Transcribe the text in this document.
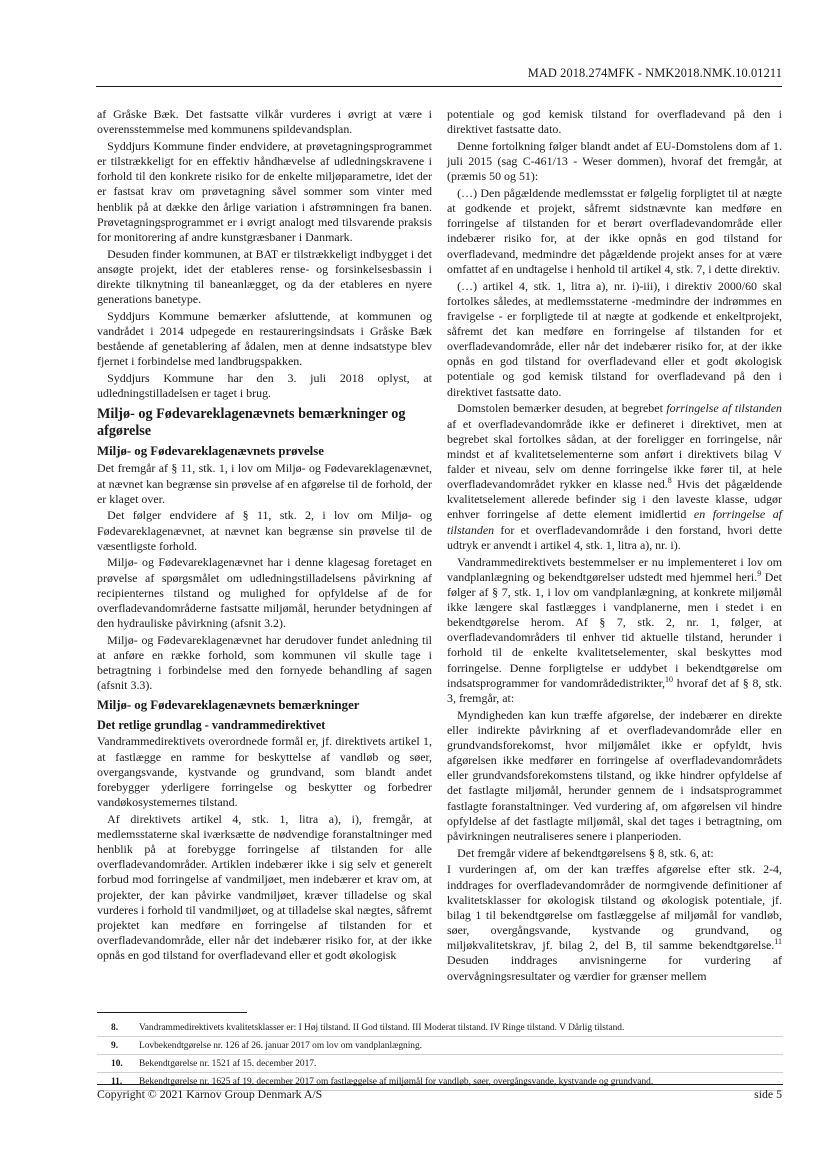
MAD 2018.274MFK - NMK2018.NMK.10.01211

af Gråske Bæk. Det fastsatte vilkår vurderes i øvrigt at være i overensstemmelse med kommunens spildevandsplan.

Syddjurs Kommune finder endvidere, at prøvetagningsprogrammet er tilstrækkeligt for en effektiv håndhævelse af udledningskravene i forhold til den konkrete risiko for de enkelte miljøparametre, idet der er fastsat krav om prøvetagning såvel sommer som vinter med henblik på at dække den årlige variation i afstrømningen fra banen. Prøvetagningsprogrammet er i øvrigt analogt med tilsvarende praksis for monitorering af andre kunstgræsbaner i Danmark.

Desuden finder kommunen, at BAT er tilstrækkeligt indbygget i det ansøgte projekt, idet der etableres rense- og forsinkelsesbassin i direkte tilknytning til baneanlægget, og da der etableres en nyere generations banetype.

Syddjurs Kommune bemærker afsluttende, at kommunen og vandrådet i 2014 udpegede en restaureringsindsats i Gråske Bæk bestående af genetablering af ådalen, men at denne indsatstype blev fjernet i forbindelse med landbrugspakken.

Syddjurs Kommune har den 3. juli 2018 oplyst, at udledningstilladelsen er taget i brug.

Miljø- og Fødevareklagenævnets bemærkninger og afgørelse
Miljø- og Fødevareklagenævnets prøvelse

Det fremgår af § 11, stk. 1, i lov om Miljø- og Fødevareklagenævnet, at nævnet kan begrænse sin prøvelse af en afgørelse til de forhold, der er klaget over.

Det følger endvidere af § 11, stk. 2, i lov om Miljø- og Fødevareklagenævnet, at nævnet kan begrænse sin prøvelse til de væsentligste forhold.

Miljø- og Fødevareklagenævnet har i denne klagesag foretaget en prøvelse af spørgsmålet om udledningstilladelsens påvirkning af recipienternes tilstand og mulighed for opfyldelse af de for overfladevandområderne fastsatte miljømål, herunder betydningen af den hydrauliske påvirkning (afsnit 3.2).

Miljø- og Fødevareklagenævnet har derudover fundet anledning til at anføre en række forhold, som kommunen vil skulle tage i betragtning i forbindelse med den fornyede behandling af sagen (afsnit 3.3).

Miljø- og Fødevareklagenævnets bemærkninger
Det retlige grundlag - vandrammedirektivet

Vandrammedirektivets overordnede formål er, jf. direktivets artikel 1, at fastlægge en ramme for beskyttelse af vandløb og søer, overgangsvande, kystvande og grundvand, som blandt andet forebygger yderligere forringelse og beskytter og forbedrer vandøkosystemernes tilstand.

Af direktivets artikel 4, stk. 1, litra a), i), fremgår, at medlemsstaterne skal iværksætte de nødvendige foranstaltninger med henblik på at forebygge forringelse af tilstanden for alle overfladevandområder. Artiklen indebærer ikke i sig selv et generelt forbud mod forringelse af vandmiljøet, men indebærer et krav om, at projekter, der kan påvirke vandmiljøet, kræver tilladelse og skal vurderes i forhold til vandmiljøet, og at tilladelse skal nægtes, såfremt projektet kan medføre en forringelse af tilstanden for et overfladevandområde, eller når det indebærer risiko for, at der ikke opnås en god tilstand for overfladevand eller et godt økologisk

potentiale og god kemisk tilstand for overfladevand på den i direktivet fastsatte dato.

Denne fortolkning følger blandt andet af EU-Domstolens dom af 1. juli 2015 (sag C-461/13 - Weser dommen), hvoraf det fremgår, at (præmis 50 og 51):

(…) Den pågældende medlemsstat er følgelig forpligtet til at nægte at godkende et projekt, såfremt sidstnævnte kan medføre en forringelse af tilstanden for et berørt overfladevandområde eller indebærer risiko for, at der ikke opnås en god tilstand for overfladevand, medmindre det pågældende projekt anses for at være omfattet af en undtagelse i henhold til artikel 4, stk. 7, i dette direktiv.

(…) artikel 4, stk. 1, litra a), nr. i)-iii), i direktiv 2000/60 skal fortolkes således, at medlemsstaterne -medmindre der indrømmes en fravigelse - er forpligtede til at nægte at godkende et enkeltprojekt, såfremt det kan medføre en forringelse af tilstanden for et overfladevandområde, eller når det indebærer risiko for, at der ikke opnås en god tilstand for overfladevand eller et godt økologisk potentiale og god kemisk tilstand for overfladevand på den i direktivet fastsatte dato.

Domstolen bemærker desuden, at begrebet forringelse af tilstanden af et overfladevandområde ikke er defineret i direktivet, men at begrebet skal fortolkes sådan, at der foreligger en forringelse, når mindst et af kvalitetselementerne som anført i direktivets bilag V falder et niveau, selv om denne forringelse ikke fører til, at hele overfladevandområdet rykker en klasse ned.$^8$ Hvis det pågældende kvalitetselement allerede befinder sig i den laveste klasse, udgør enhver forringelse af dette element imidlertid en forringelse af tilstanden for et overfladevandområde i den forstand, hvori dette udtryk er anvendt i artikel 4, stk. 1, litra a), nr. i).

Vandrammedirektivets bestemmelser er nu implementeret i lov om vandplanlægning og bekendtgørelser udstedt med hjemmel heri.$^9$ Det følger af § 7, stk. 1, i lov om vandplanlægning, at konkrete miljømål ikke længere skal fastlægges i vandplanerne, men i stedet i en bekendtgørelse herom. Af § 7, stk. 2, nr. 1, følger, at overfladevandområders til enhver tid aktuelle tilstand, herunder i forhold til de enkelte kvalitetselementer, skal beskyttes mod forringelse. Denne forpligtelse er uddybet i bekendtgørelse om indsatsprogrammer for vandområdedistrikter,$^{10}$ hvoraf det af § 8, stk. 3, fremgår, at:

Myndigheden kan kun træffe afgørelse, der indebærer en direkte eller indirekte påvirkning af et overfladevandområde eller en grundvandsforekomst, hvor miljømålet ikke er opfyldt, hvis afgørelsen ikke medfører en forringelse af overfladevandområdets eller grundvandsforekomstens tilstand, og ikke hindrer opfyldelse af det fastlagte miljømål, herunder gennem de i indsatsprogrammet fastlagte foranstaltninger. Ved vurdering af, om afgørelsen vil hindre opfyldelse af det fastlagte miljømål, skal det tages i betragtning, om påvirkningen neutraliseres senere i planperioden.

Det fremgår videre af bekendtgørelsens § 8, stk. 6, at:

I vurderingen af, om der kan træffes afgørelse efter stk. 2-4, inddrages for overfladevandområder de normgivende definitioner af kvalitetsklasser for økologisk tilstand og økologisk potentiale, jf. bilag 1 til bekendtgørelse om fastlæggelse af miljømål for vandløb, søer, overgångsvande, kystvande og grundvand, og miljøkvalitetskrav, jf. bilag 2, del B, til samme bekendtgørelse.$^{11}$ Desuden inddrages anvisningerne for vurdering af overvågningsresultater og værdier for grænser mellem

8.	Vandrammedirektivets kvalitetsklasser er: I Høj tilstand. II God tilstand. III Moderat tilstand. IV Ringe tilstand. V Dårlig tilstand.
9.	Lovbekendtgørelse nr. 126 af 26. januar 2017 om lov om vandplanlægning.
10.	Bekendtgørelse nr. 1521 af 15. december 2017.
11.	Bekendtgørelse nr. 1625 af 19. december 2017 om fastlæggelse af miljømål for vandløb, søer, overgångsvande, kystvande og grundvand.
Copyright © 2021 Karnov Group Denmark A/S	side 5
